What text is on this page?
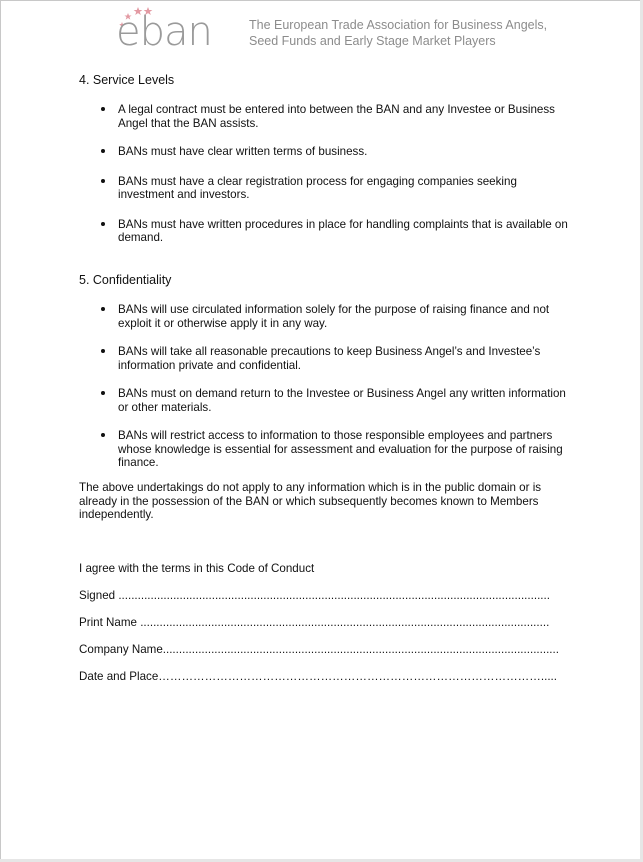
eban	The European Trade Association for Business Angels,
Seed Funds and Early Stage Market Players
4. Service Levels
A legal contract must be entered into between the BAN and any Investee or Business Angel that the BAN assists.
BANs must have clear written terms of business.
BANs must have a clear registration process for engaging companies seeking investment and investors.
BANs must have written procedures in place for handling complaints that is available on demand.
5. Confidentiality
BANs will use circulated information solely for the purpose of raising finance and not exploit it or otherwise apply it in any way.
BANs will take all reasonable precautions to keep Business Angel’s and Investee’s information private and confidential.
BANs must on demand return to the Investee or Business Angel any written information or other materials.
BANs will restrict access to information to those responsible employees and partners whose knowledge is essential for assessment and evaluation for the purpose of raising finance.
The above undertakings do not apply to any information which is in the public domain or is already in the possession of the BAN or which subsequently becomes known to Members independently.
I agree with the terms in this Code of Conduct
Signed ......................................................................................................................................
Print Name ...............................................................................................................................
Company Name...........................................................................................................................
Date and Place……………………………………………………………………………………….....
